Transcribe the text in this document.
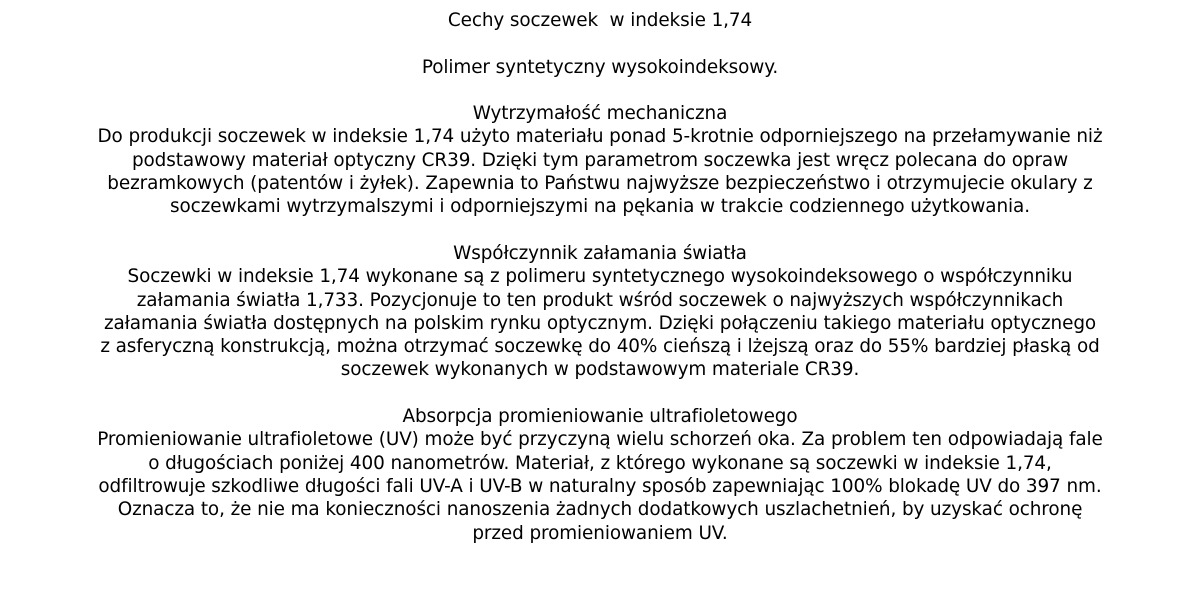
Cechy soczewek  w indeksie 1,74
Polimer syntetyczny wysokoindeksowy.
Wytrzymałość mechaniczna
Do produkcji soczewek w indeksie 1,74 użyto materiału ponad 5-krotnie odporniejszego na przełamywanie niż
podstawowy materiał optyczny CR39. Dzięki tym parametrom soczewka jest wręcz polecana do opraw
bezramkowych (patentów i żyłek). Zapewnia to Państwu najwyższe bezpieczeństwo i otrzymujecie okulary z
soczewkami wytrzymalszymi i odporniejszymi na pękania w trakcie codziennego użytkowania.
Współczynnik załamania światła
Soczewki w indeksie 1,74 wykonane są z polimeru syntetycznego wysokoindeksowego o współczynniku
załamania światła 1,733. Pozycjonuje to ten produkt wśród soczewek o najwyższych współczynnikach
załamania światła dostępnych na polskim rynku optycznym. Dzięki połączeniu takiego materiału optycznego
z asferyczną konstrukcją, można otrzymać soczewkę do 40% cieńszą i lżejszą oraz do 55% bardziej płaską od
soczewek wykonanych w podstawowym materiale CR39.
Absorpcja promieniowanie ultrafioletowego
Promieniowanie ultrafioletowe (UV) może być przyczyną wielu schorzeń oka. Za problem ten odpowiadają fale
o długościach poniżej 400 nanometrów. Materiał, z którego wykonane są soczewki w indeksie 1,74,
odfiltrowuje szkodliwe długości fali UV-A i UV-B w naturalny sposób zapewniając 100% blokadę UV do 397 nm.
Oznacza to, że nie ma konieczności nanoszenia żadnych dodatkowych uszlachetnień, by uzyskać ochronę
przed promieniowaniem UV.
